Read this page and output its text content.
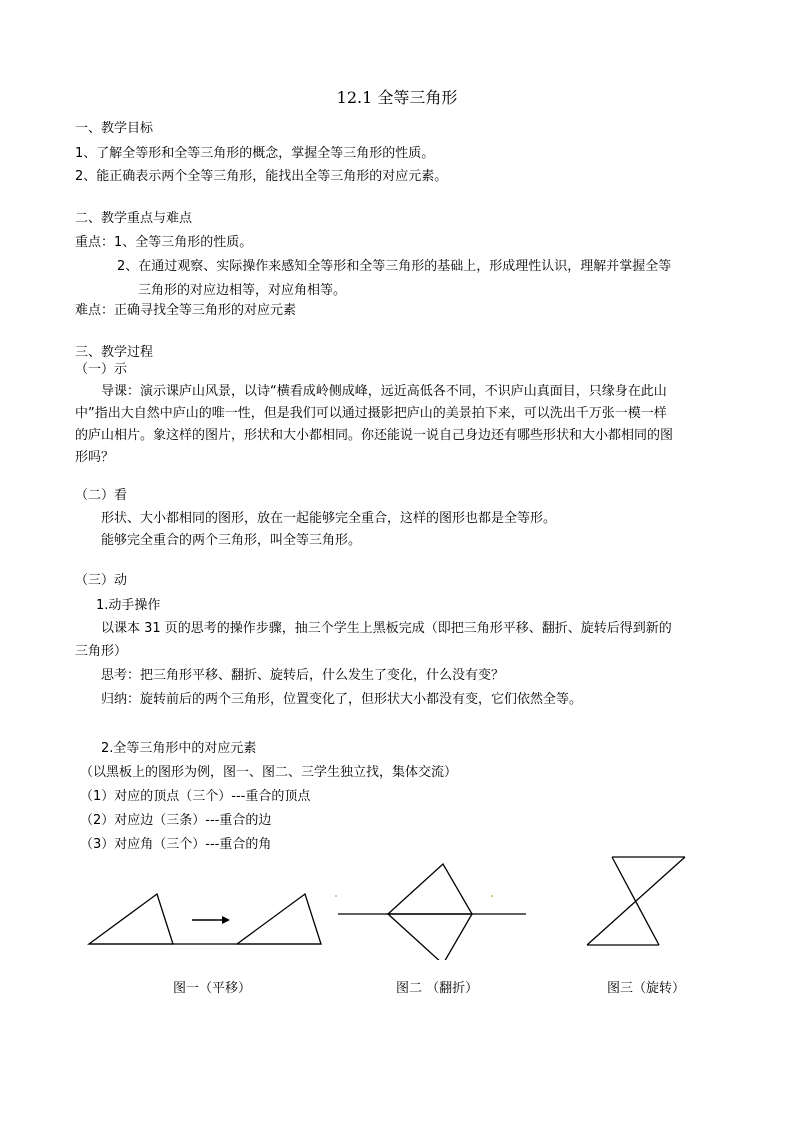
12.1 全等三角形
一、教学目标
1、了解全等形和全等三角形的概念，掌握全等三角形的性质。
2、能正确表示两个全等三角形，能找出全等三角形的对应元素。
二、教学重点与难点
重点：1、全等三角形的性质。
2、在通过观察、实际操作来感知全等形和全等三角形的基础上，形成理性认识，理解并掌握全等
三角形的对应边相等，对应角相等。
难点：正确寻找全等三角形的对应元素
三、教学过程
（一）示
导课：演示课庐山风景，以诗“横看成岭侧成峰，远近高低各不同，不识庐山真面目，只缘身在此山
中”指出大自然中庐山的唯一性，但是我们可以通过摄影把庐山的美景拍下来，可以洗出千万张一模一样
的庐山相片。象这样的图片，形状和大小都相同。你还能说一说自己身边还有哪些形状和大小都相同的图
形吗？
（二）看
形状、大小都相同的图形，放在一起能够完全重合，这样的图形也都是全等形。
能够完全重合的两个三角形，叫全等三角形。
（三）动
1.动手操作
以课本 31 页的思考的操作步骤，抽三个学生上黑板完成（即把三角形平移、翻折、旋转后得到新的
三角形）
思考：把三角形平移、翻折、旋转后，什么发生了变化，什么没有变？
归纳：旋转前后的两个三角形，位置变化了，但形状大小都没有变，它们依然全等。
2.全等三角形中的对应元素
（以黑板上的图形为例，图一、图二、三学生独立找，集体交流）
（1）对应的顶点（三个）---重合的顶点
（2）对应边（三条）---重合的边
（3）对应角（三个）---重合的角
图一（平移）	图二 （翻折）	图三（旋转）
